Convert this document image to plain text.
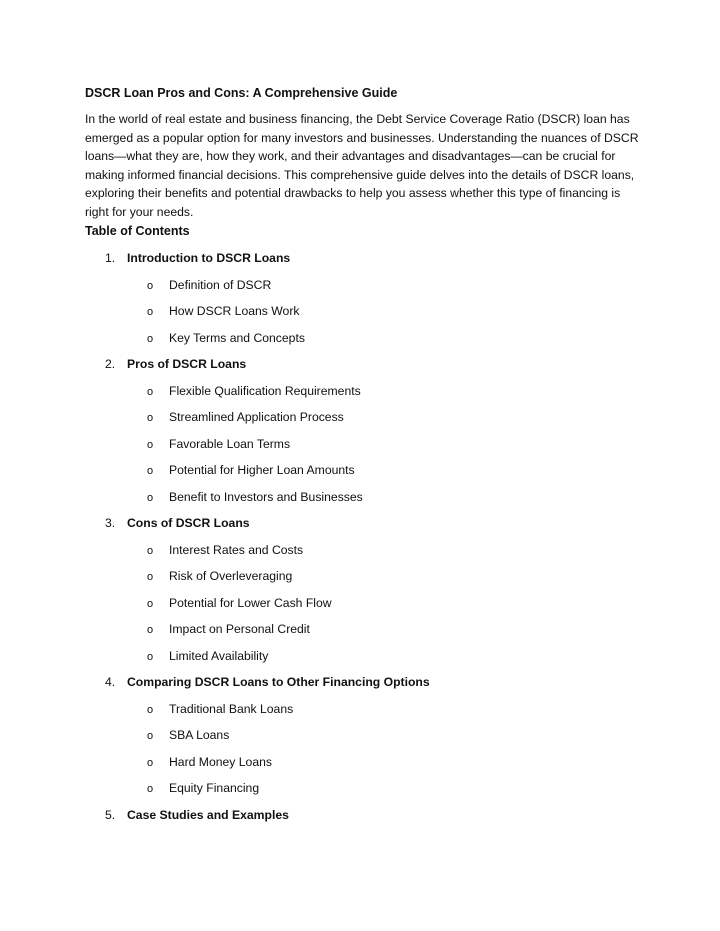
DSCR Loan Pros and Cons: A Comprehensive Guide
In the world of real estate and business financing, the Debt Service Coverage Ratio (DSCR) loan has
emerged as a popular option for many investors and businesses. Understanding the nuances of DSCR
loans—what they are, how they work, and their advantages and disadvantages—can be crucial for
making informed financial decisions. This comprehensive guide delves into the details of DSCR loans,
exploring their benefits and potential drawbacks to help you assess whether this type of financing is
right for your needs.
Table of Contents
1. Introduction to DSCR Loans
o Definition of DSCR
o How DSCR Loans Work
o Key Terms and Concepts
2. Pros of DSCR Loans
o Flexible Qualification Requirements
o Streamlined Application Process
o Favorable Loan Terms
o Potential for Higher Loan Amounts
o Benefit to Investors and Businesses
3. Cons of DSCR Loans
o Interest Rates and Costs
o Risk of Overleveraging
o Potential for Lower Cash Flow
o Impact on Personal Credit
o Limited Availability
4. Comparing DSCR Loans to Other Financing Options
o Traditional Bank Loans
o SBA Loans
o Hard Money Loans
o Equity Financing
5. Case Studies and Examples
